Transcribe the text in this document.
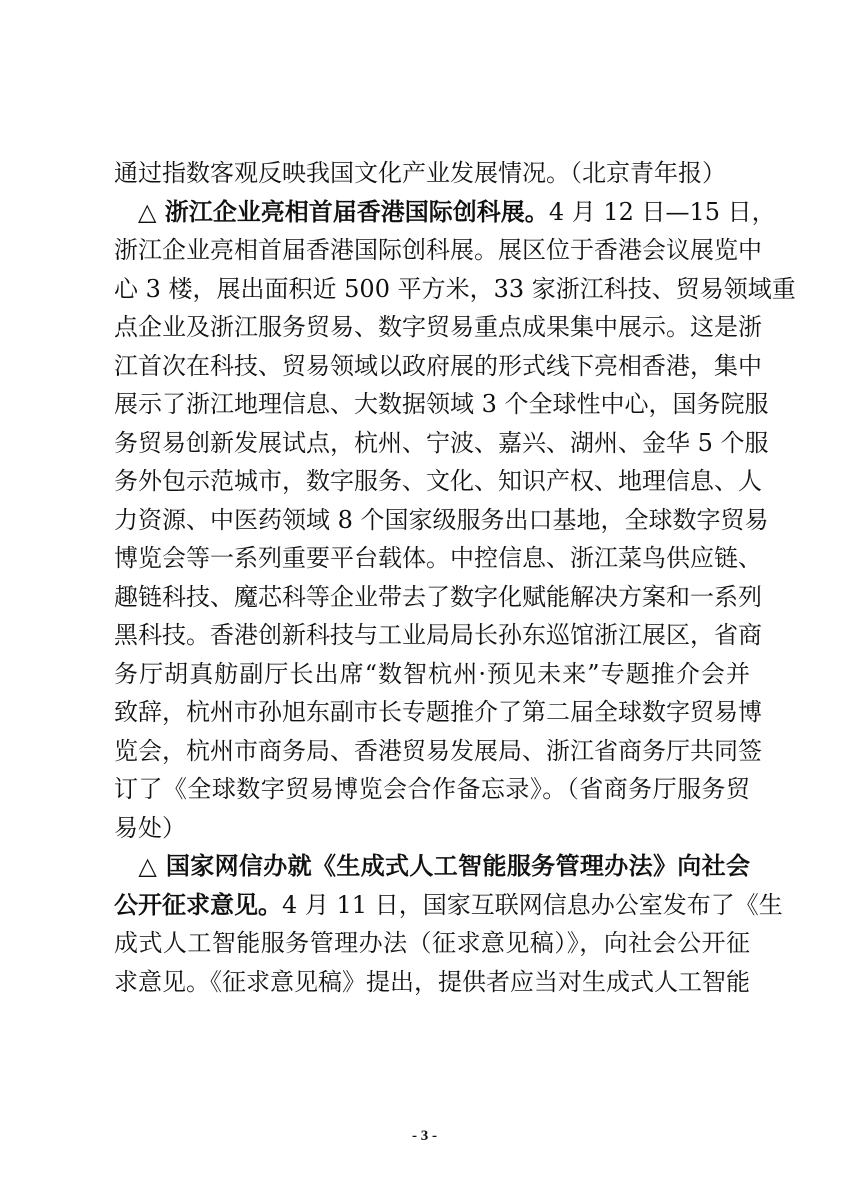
通过指数客观反映我国文化产业发展情况。（北京青年报）
　△ 浙江企业亮相首届香港国际创科展。4 月 12 日—15 日，
浙江企业亮相首届香港国际创科展。展区位于香港会议展览中
心 3 楼，展出面积近 500 平方米，33 家浙江科技、贸易领域重
点企业及浙江服务贸易、数字贸易重点成果集中展示。这是浙
江首次在科技、贸易领域以政府展的形式线下亮相香港，集中
展示了浙江地理信息、大数据领域 3 个全球性中心，国务院服
务贸易创新发展试点，杭州、宁波、嘉兴、湖州、金华 5 个服
务外包示范城市，数字服务、文化、知识产权、地理信息、人
力资源、中医药领域 8 个国家级服务出口基地，全球数字贸易
博览会等一系列重要平台载体。中控信息、浙江菜鸟供应链、
趣链科技、魔芯科等企业带去了数字化赋能解决方案和一系列
黑科技。香港创新科技与工业局局长孙东巡馆浙江展区，省商
务厅胡真舫副厅长出席“数智杭州·预见未来”专题推介会并
致辞，杭州市孙旭东副市长专题推介了第二届全球数字贸易博
览会，杭州市商务局、香港贸易发展局、浙江省商务厅共同签
订了《全球数字贸易博览会合作备忘录》。（省商务厅服务贸
易处）
　△ 国家网信办就《生成式人工智能服务管理办法》向社会
公开征求意见。4 月 11 日，国家互联网信息办公室发布了《生
成式人工智能服务管理办法（征求意见稿）》，向社会公开征
求意见。《征求意见稿》提出，提供者应当对生成式人工智能
- 3 -
